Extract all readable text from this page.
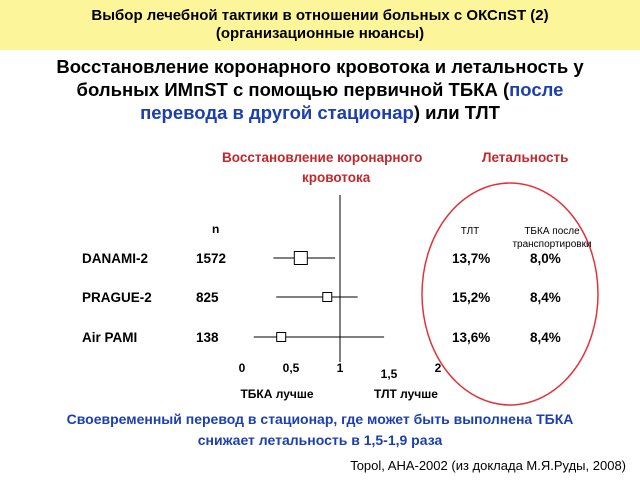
Выбор лечебной тактики в отношении больных с ОКСпST (2)
(организационные нюансы)
Восстановление коронарного кровотока и летальность у
больных ИМпST с помощью первичной ТБКА (после
перевода в другой стационар) или ТЛТ
Восстановление коронарного
кровотока
Летальность
n	ТЛТ	ТБКА после
транспортировки
DANAMI-2	1572	13,7%	8,0%
PRAGUE-2	825	15,2%	8,4%
Air PAMI	138	13,6%	8,4%
0	0,5	1	1,5	2
ТБКА лучше	ТЛТ лучше
Своевременный перевод в стационар, где может быть выполнена ТБКА
снижает летальность в 1,5-1,9 раза
Topol, AHA-2002 (из доклада М.Я.Руды, 2008)
